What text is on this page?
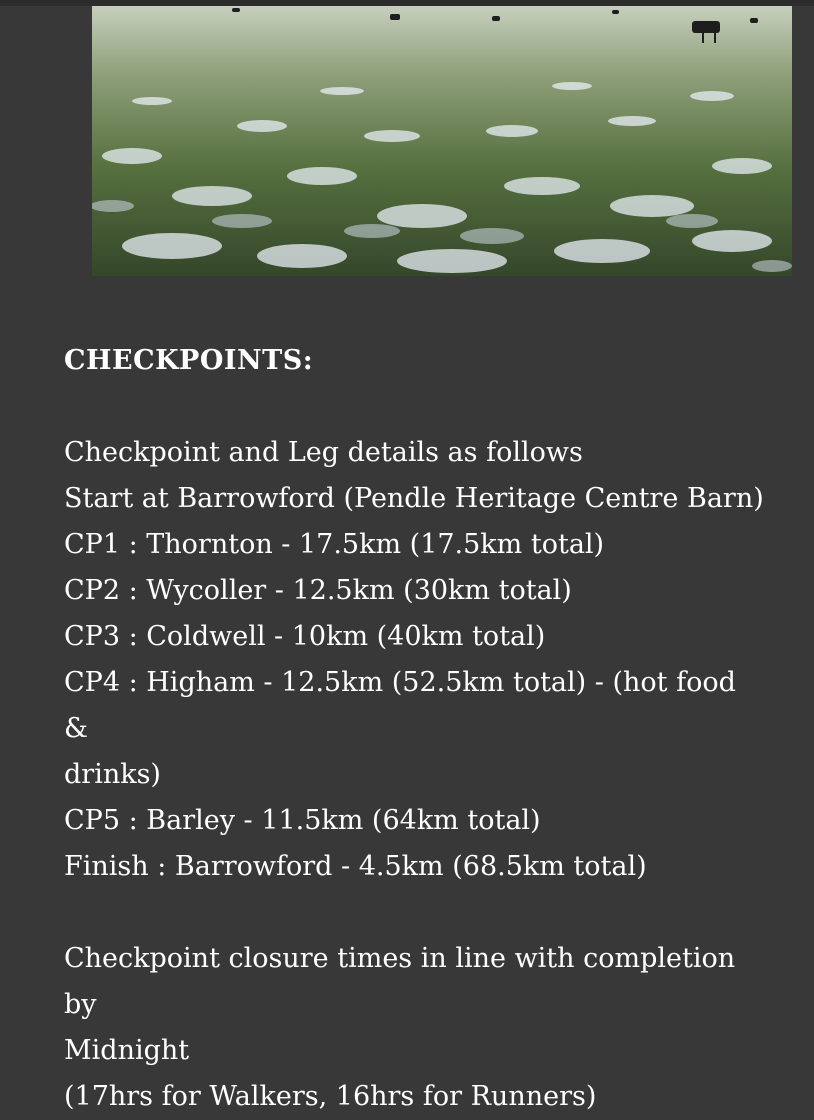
CHECKPOINTS:

Checkpoint and Leg details as follows

Start at Barrowford (Pendle Heritage Centre Barn)

CP1 : Thornton - 17.5km (17.5km total)

CP2 : Wycoller - 12.5km (30km total)

CP3 : Coldwell - 10km (40km total)

CP4 : Higham - 12.5km (52.5km total) - (hot food &

drinks)

CP5 : Barley - 11.5km (64km total)

Finish : Barrowford - 4.5km (68.5km total)

Checkpoint closure times in line with completion by

Midnight

(17hrs for Walkers, 16hrs for Runners)
